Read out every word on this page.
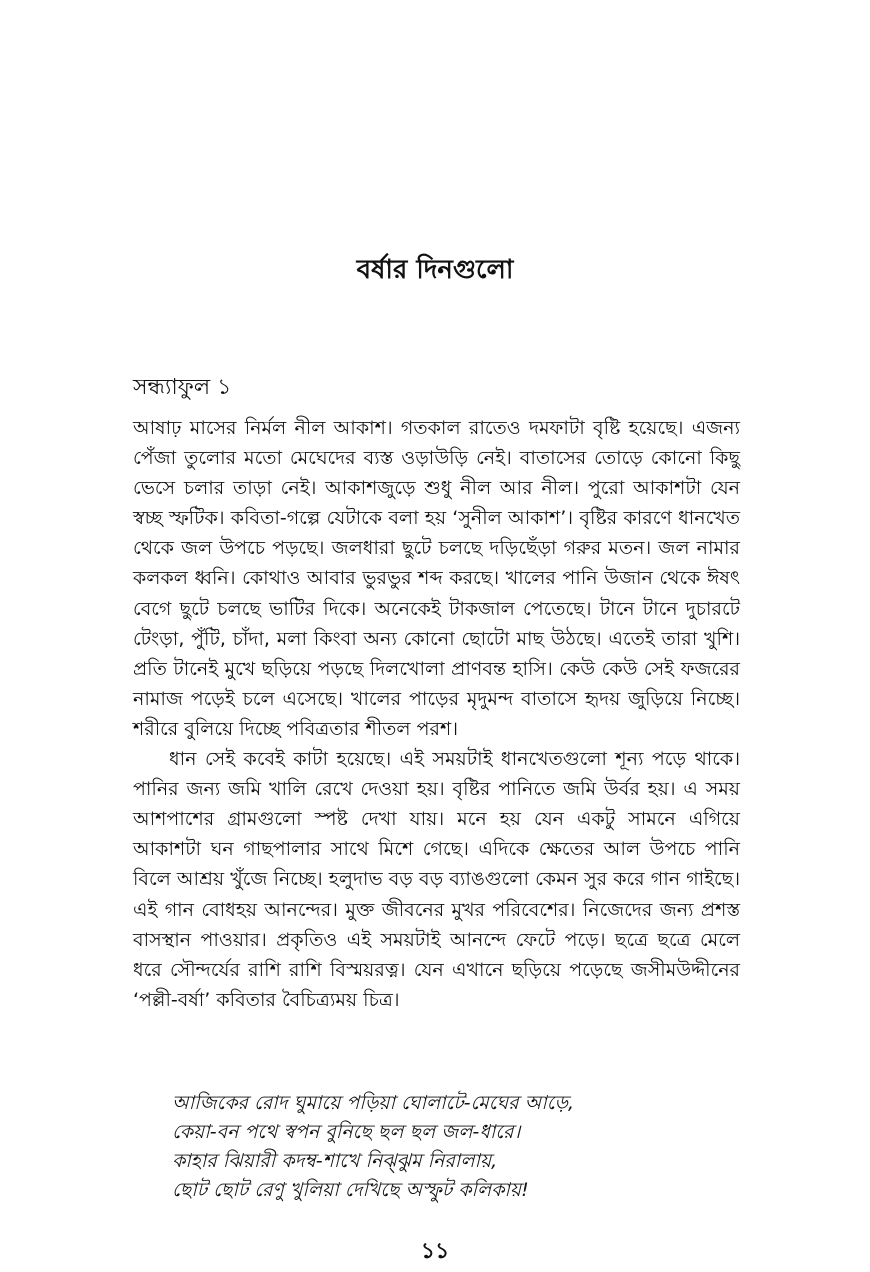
বর্ষার দিনগুলো
সন্ধ্যাফুল ১

আষাঢ় মাসের নির্মল নীল আকাশ। গতকাল রাতেও দমফাটা বৃষ্টি হয়েছে। এজন্য পেঁজা তুলোর মতো মেঘেদের ব্যস্ত ওড়াউড়ি নেই। বাতাসের তোড়ে কোনো কিছু ভেসে চলার তাড়া নেই। আকাশজুড়ে শুধু নীল আর নীল। পুরো আকাশটা যেন স্বচ্ছ স্ফটিক। কবিতা-গল্পে যেটাকে বলা হয় ‘সুনীল আকাশ’। বৃষ্টির কারণে ধানখেত থেকে জল উপচে পড়ছে। জলধারা ছুটে চলছে দড়িছেঁড়া গরুর মতন। জল নামার কলকল ধ্বনি। কোথাও আবার ভুরভুর শব্দ করছে। খালের পানি উজান থেকে ঈষৎ বেগে ছুটে চলছে ভাটির দিকে। অনেকেই টাকজাল পেতেছে। টানে টানে দুচারটে টেংড়া, পুঁটি, চাঁদা, মলা কিংবা অন্য কোনো ছোটো মাছ উঠছে। এতেই তারা খুশি। প্রতি টানেই মুখে ছড়িয়ে পড়ছে দিলখোলা প্রাণবন্ত হাসি। কেউ কেউ সেই ফজরের নামাজ পড়েই চলে এসেছে। খালের পাড়ের মৃদুমন্দ বাতাসে হৃদয় জুড়িয়ে নিচ্ছে। শরীরে বুলিয়ে দিচ্ছে পবিত্রতার শীতল পরশ।

ধান সেই কবেই কাটা হয়েছে। এই সময়টাই ধানখেতগুলো শূন্য পড়ে থাকে। পানির জন্য জমি খালি রেখে দেওয়া হয়। বৃষ্টির পানিতে জমি উর্বর হয়। এ সময় আশপাশের গ্রামগুলো স্পষ্ট দেখা যায়। মনে হয় যেন একটু সামনে এগিয়ে আকাশটা ঘন গাছপালার সাথে মিশে গেছে। এদিকে ক্ষেতের আল উপচে পানি বিলে আশ্রয় খুঁজে নিচ্ছে। হলুদাভ বড় বড় ব্যাঙগুলো কেমন সুর করে গান গাইছে। এই গান বোধহয় আনন্দের। মুক্ত জীবনের মুখর পরিবেশের। নিজেদের জন্য প্রশস্ত বাসস্থান পাওয়ার। প্রকৃতিও এই সময়টাই আনন্দে ফেটে পড়ে। ছত্রে ছত্রে মেলে ধরে সৌন্দর্যের রাশি রাশি বিস্ময়রত্ন। যেন এখানে ছড়িয়ে পড়েছে জসীমউদ্দীনের ‘পল্লী-বর্ষা’ কবিতার বৈচিত্র্যময় চিত্র।

আজিকের রোদ ঘুমায়ে পড়িয়া ঘোলাটে-মেঘের আড়ে,
কেয়া-বন পথে স্বপন বুনিছে ছল ছল জল-ধারে।
কাহার ঝিয়ারী কদম্ব-শাখে নিঝ্ঝুম নিরালায়,
ছোট ছোট রেণু খুলিয়া দেখিছে অস্ফুট কলিকায়!
১১
